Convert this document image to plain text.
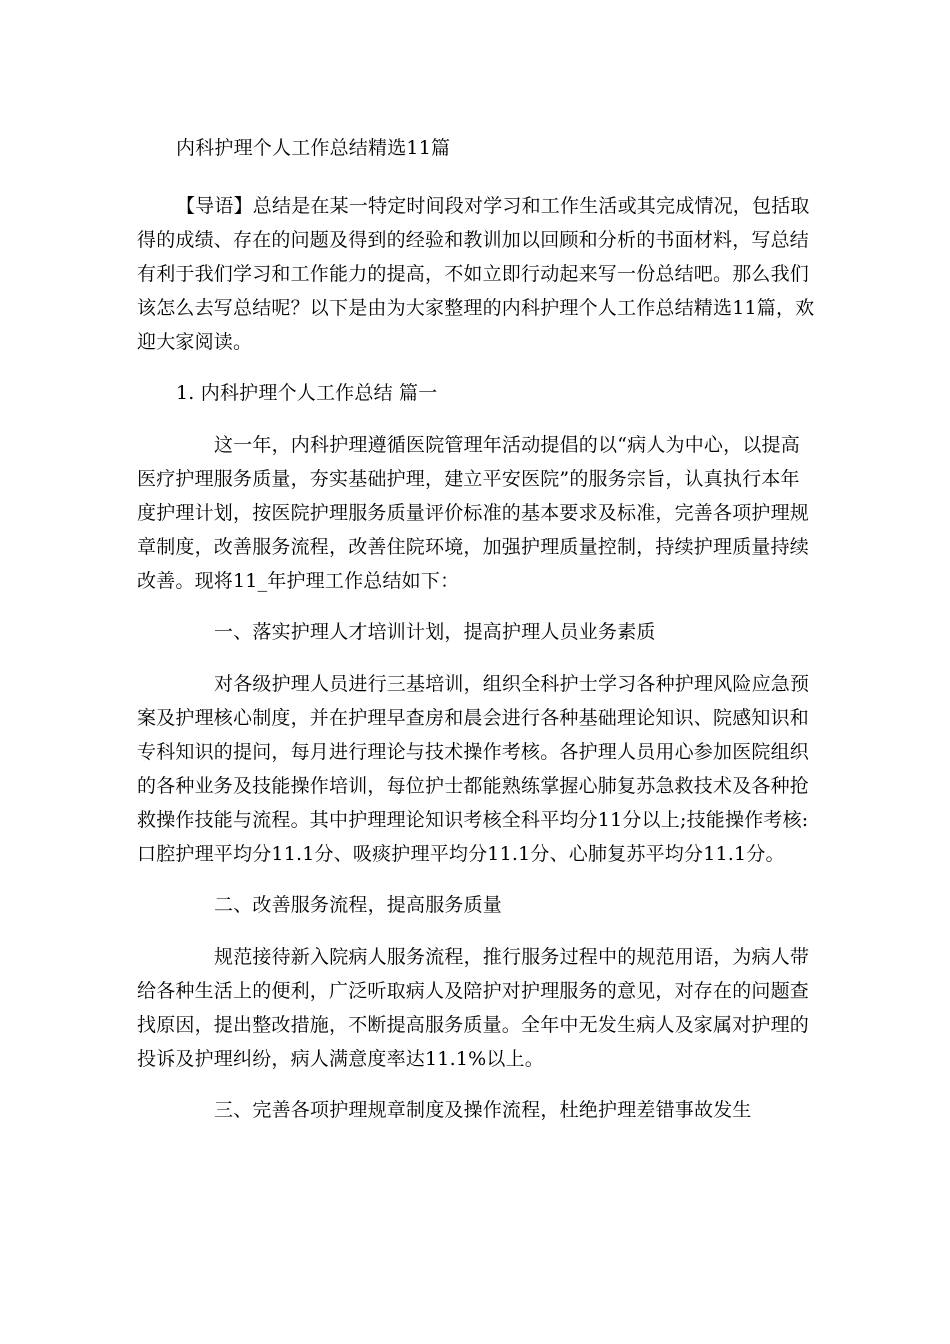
内科护理个人工作总结精选11篇
【导语】总结是在某一特定时间段对学习和工作生活或其完成情况，包括取
得的成绩、存在的问题及得到的经验和教训加以回顾和分析的书面材料，写总结
有利于我们学习和工作能力的提高，不如立即行动起来写一份总结吧。那么我们
该怎么去写总结呢？以下是由为大家整理的内科护理个人工作总结精选11篇，欢
迎大家阅读。
1. 内科护理个人工作总结 篇一
这一年，内科护理遵循医院管理年活动提倡的以“病人为中心，以提高
医疗护理服务质量，夯实基础护理，建立平安医院”的服务宗旨，认真执行本年
度护理计划，按医院护理服务质量评价标准的基本要求及标准，完善各项护理规
章制度，改善服务流程，改善住院环境，加强护理质量控制，持续护理质量持续
改善。现将11_年护理工作总结如下：
一、落实护理人才培训计划，提高护理人员业务素质
对各级护理人员进行三基培训，组织全科护士学习各种护理风险应急预
案及护理核心制度，并在护理早查房和晨会进行各种基础理论知识、院感知识和
专科知识的提问，每月进行理论与技术操作考核。各护理人员用心参加医院组织
的各种业务及技能操作培训，每位护士都能熟练掌握心肺复苏急救技术及各种抢
救操作技能与流程。其中护理理论知识考核全科平均分11分以上;技能操作考核:
口腔护理平均分11.1分、吸痰护理平均分11.1分、心肺复苏平均分11.1分。
二、改善服务流程，提高服务质量
规范接待新入院病人服务流程，推行服务过程中的规范用语，为病人带
给各种生活上的便利，广泛听取病人及陪护对护理服务的意见，对存在的问题查
找原因，提出整改措施，不断提高服务质量。全年中无发生病人及家属对护理的
投诉及护理纠纷，病人满意度率达11.1%以上。
三、完善各项护理规章制度及操作流程，杜绝护理差错事故发生
